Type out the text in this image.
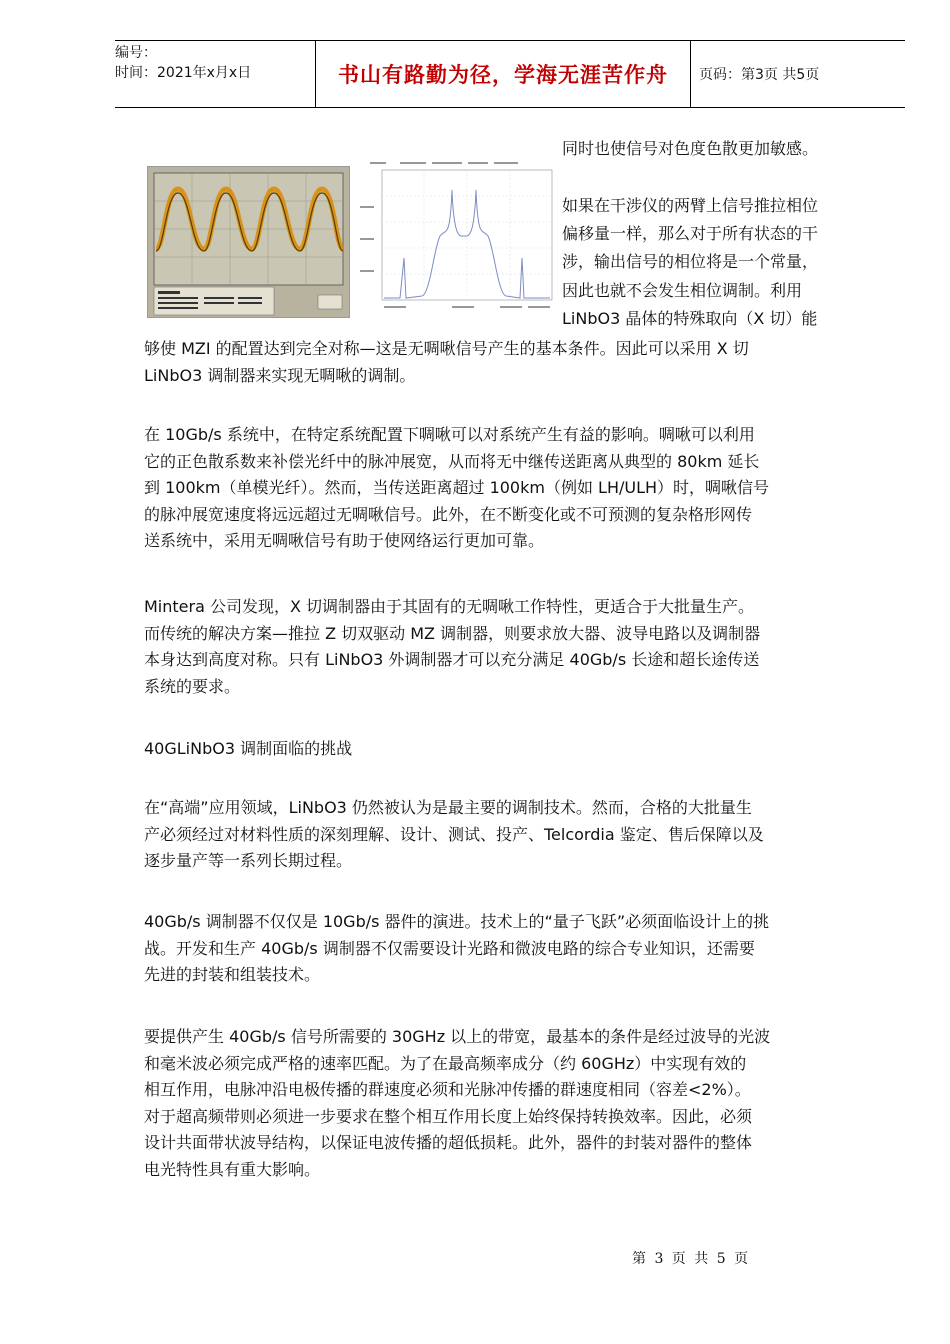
编号：
时间：2021年x月x日	书山有路勤为径，学海无涯苦作舟 页码：第3页 共5页

同时也使信号对色度色散更加敏感。

如果在干涉仪的两臂上信号推拉相位
偏移量一样，那么对于所有状态的干
涉，输出信号的相位将是一个常量，
因此也就不会发生相位调制。利用
LiNbO3 晶体的特殊取向（X 切）能

够使 MZI 的配置达到完全对称—这是无啁啾信号产生的基本条件。因此可以采用 X 切
LiNbO3 调制器来实现无啁啾的调制。

在 10Gb/s 系统中，在特定系统配置下啁啾可以对系统产生有益的影响。啁啾可以利用
它的正色散系数来补偿光纤中的脉冲展宽，从而将无中继传送距离从典型的 80km 延长
到 100km（单模光纤）。然而，当传送距离超过 100km（例如 LH/ULH）时，啁啾信号
的脉冲展宽速度将远远超过无啁啾信号。此外，在不断变化或不可预测的复杂格形网传
送系统中，采用无啁啾信号有助于使网络运行更加可靠。

Mintera 公司发现，X 切调制器由于其固有的无啁啾工作特性，更适合于大批量生产。
而传统的解决方案—推拉 Z 切双驱动 MZ 调制器，则要求放大器、波导电路以及调制器
本身达到高度对称。只有 LiNbO3 外调制器才可以充分满足 40Gb/s 长途和超长途传送
系统的要求。

40GLiNbO3 调制面临的挑战

在“高端”应用领域，LiNbO3 仍然被认为是最主要的调制技术。然而，合格的大批量生
产必须经过对材料性质的深刻理解、设计、测试、投产、Telcordia 鉴定、售后保障以及
逐步量产等一系列长期过程。

40Gb/s 调制器不仅仅是 10Gb/s 器件的演进。技术上的“量子飞跃”必须面临设计上的挑
战。开发和生产 40Gb/s 调制器不仅需要设计光路和微波电路的综合专业知识，还需要
先进的封装和组装技术。

要提供产生 40Gb/s 信号所需要的 30GHz 以上的带宽，最基本的条件是经过波导的光波
和毫米波必须完成严格的速率匹配。为了在最高频率成分（约 60GHz）中实现有效的
相互作用，电脉冲沿电极传播的群速度必须和光脉冲传播的群速度相同（容差<2%）。
对于超高频带则必须进一步要求在整个相互作用长度上始终保持转换效率。因此，必须
设计共面带状波导结构，以保证电波传播的超低损耗。此外，器件的封装对器件的整体
电光特性具有重大影响。

第 3 页 共 5 页
